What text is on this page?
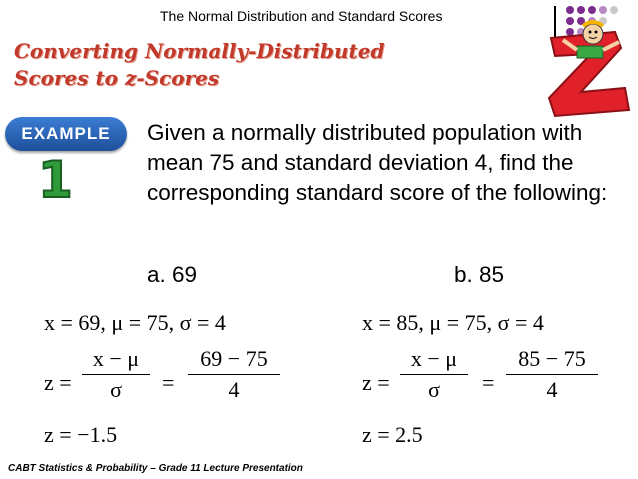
The Normal Distribution and Standard Scores
Converting Normally-Distributed
Scores to z-Scores
EXAMPLE
1
Given a normally distributed population with mean 75 and standard deviation 4, find the corresponding standard score of the following:
a. 69	b. 85
x = 69, μ = 75, σ = 4
z =
x − μ
σ	=
69 − 75
4
z = −1.5
x = 85, μ = 75, σ = 4
z =
x − μ
σ	=
85 − 75
4
z = 2.5
CABT Statistics & Probability – Grade 11 Lecture Presentation
